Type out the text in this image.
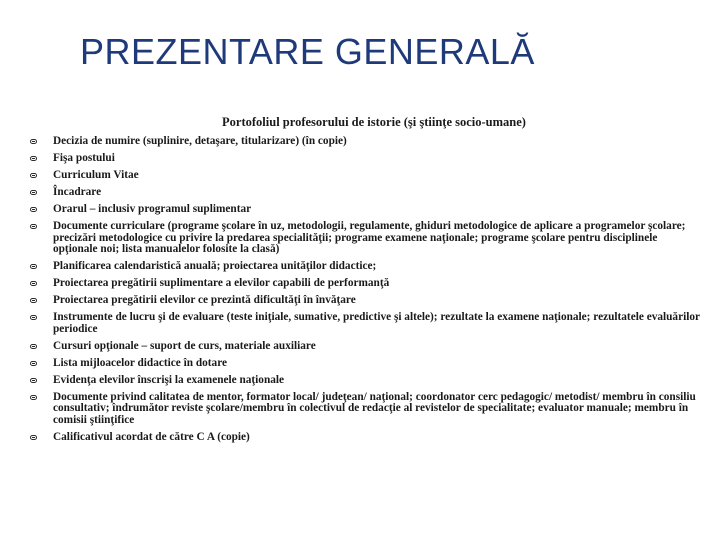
PREZENTARE GENERALĂ

Portofoliul profesorului de istorie (şi ştiinţe socio-umane)

Decizia de numire (suplinire, detaşare, titularizare) (în copie)
Fişa postului
Curriculum Vitae
Încadrare
Orarul – inclusiv programul suplimentar
Documente curriculare (programe şcolare în uz, metodologii, regulamente, ghiduri metodologice de aplicare a programelor şcolare; precizări metodologice cu privire la predarea specialităţii; programe examene naţionale; programe şcolare pentru disciplinele opţionale noi; lista manualelor folosite la clasă)
Planificarea calendaristică anuală; proiectarea unităţilor didactice;
Proiectarea pregătirii suplimentare a elevilor capabili de performanţă
Proiectarea pregătirii elevilor ce prezintă dificultăţi în învăţare
Instrumente de lucru şi de evaluare (teste iniţiale, sumative, predictive şi altele); rezultate la examene naţionale; rezultatele evaluărilor periodice
Cursuri opţionale – suport de curs, materiale auxiliare
Lista mijloacelor didactice în dotare
Evidenţa elevilor înscrişi la examenele naţionale
Documente privind calitatea de mentor, formator local/ judeţean/ naţional; coordonator cerc pedagogic/ metodist/ membru în consiliu consultativ; îndrumător reviste şcolare/membru în colectivul de redacţie al revistelor de specialitate; evaluator manuale; membru în comisii ştiinţifice
Calificativul acordat de către C A (copie)
